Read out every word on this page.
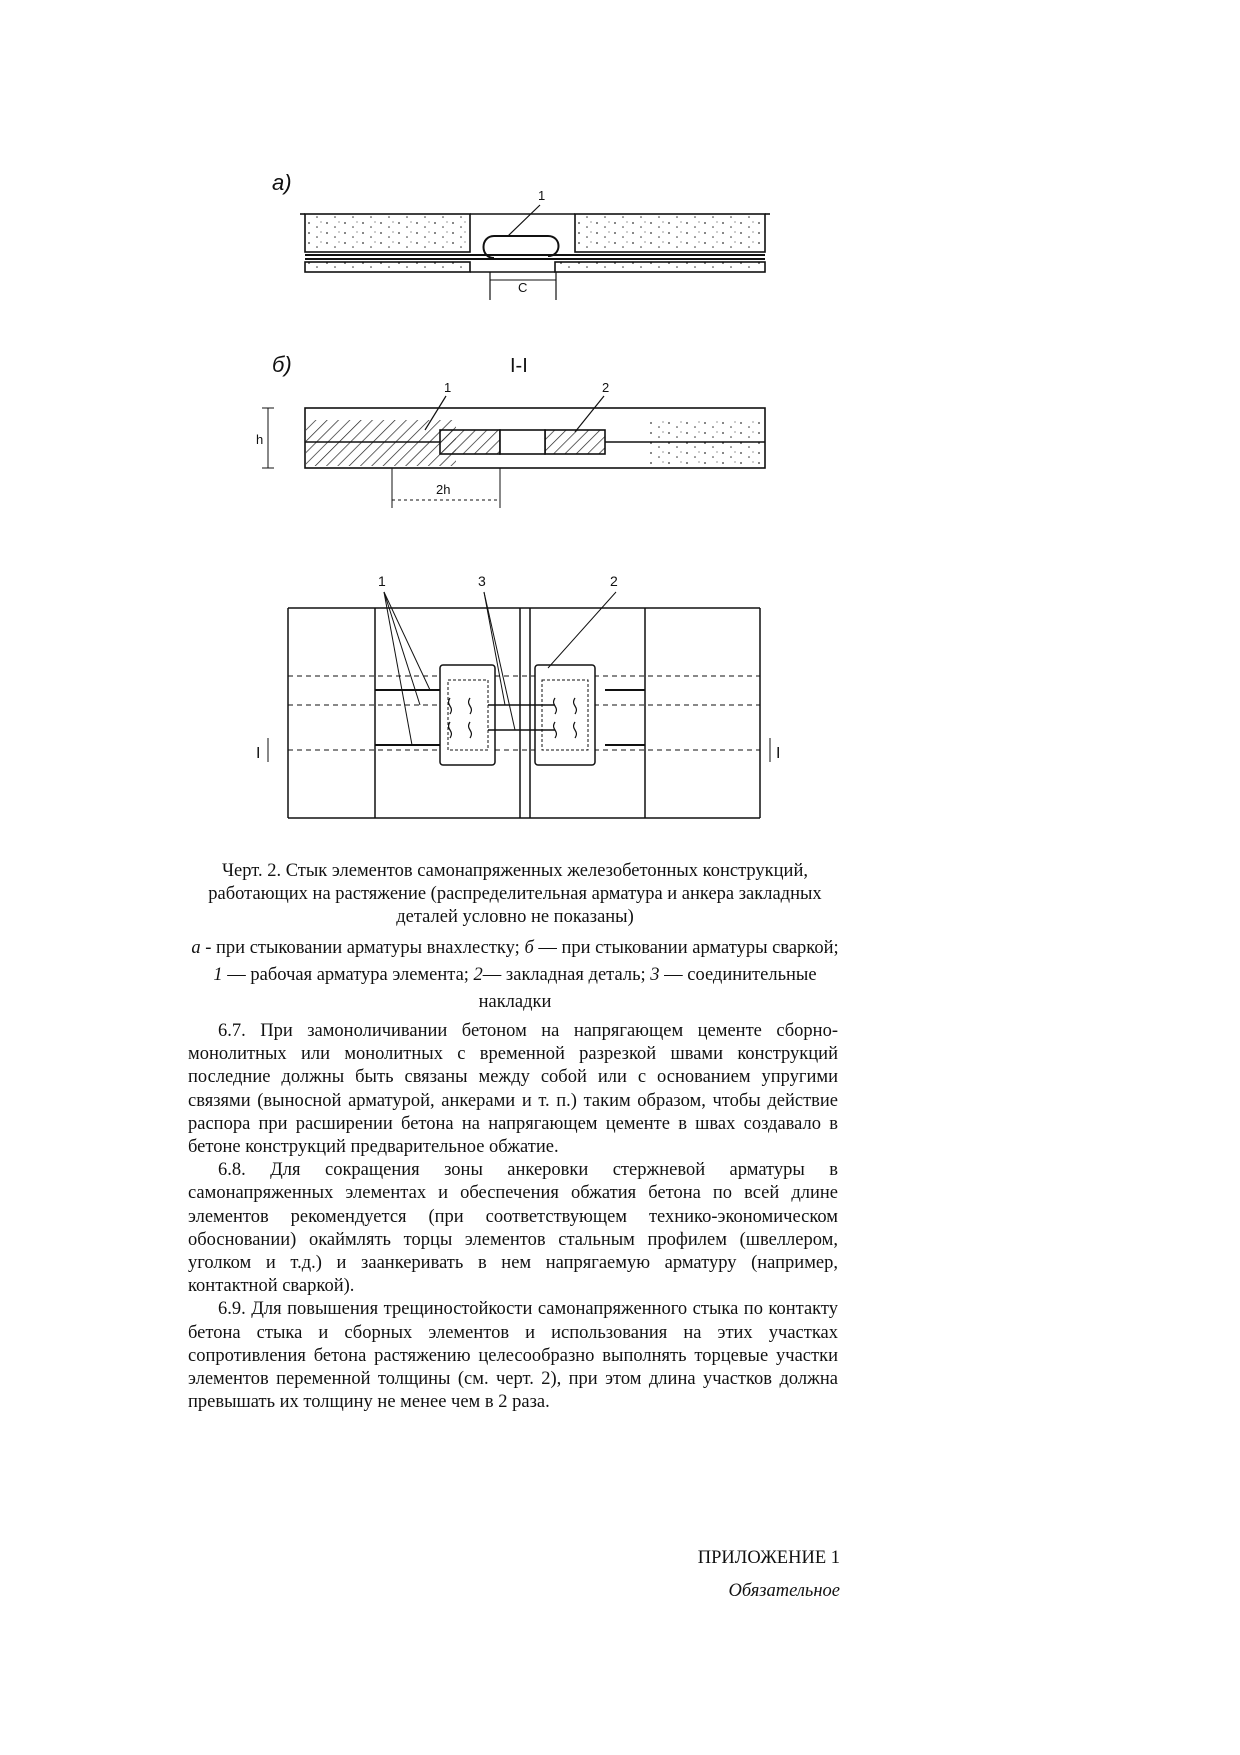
а)
1
С
б)	I-I
1	2
h
2h
1	3	2
I	I
Черт. 2. Стык элементов самонапряженных железобетонных конструкций, работающих на растяжение (распределительная арматура и анкера закладных деталей условно не показаны)
а - при стыковании арматуры внахлестку; б — при стыковании арматуры сваркой; 1 — рабочая арматура элемента; 2— закладная деталь; 3 — соединительные накладки

6.7. При замоноличивании бетоном на напрягающем цементе сборно-монолитных или монолитных с временной разрезкой швами конструкций последние должны быть связаны между собой или с основанием упругими связями (выносной арматурой, анкерами и т. п.) таким образом, чтобы действие распора при расширении бетона на напрягающем цементе в швах создавало в бетоне конструкций предварительное обжатие.

6.8. Для сокращения зоны анкеровки стержневой арматуры в самонапряженных элементах и обеспечения обжатия бетона по всей длине элементов рекомендуется (при соответствующем технико-экономическом обосновании) окаймлять торцы элементов стальным профилем (швеллером, уголком и т.д.) и заанкеривать в нем напрягаемую арматуру (например, контактной сваркой).

6.9. Для повышения трещиностойкости самонапряженного стыка по контакту бетона стыка и сборных элементов и использования на этих участках сопротивления бетона растяжению целесообразно выполнять торцевые участки элементов переменной толщины (см. черт. 2), при этом длина участков должна превышать их толщину не менее чем в 2 раза.

ПРИЛОЖЕНИЕ 1
Обязательное
